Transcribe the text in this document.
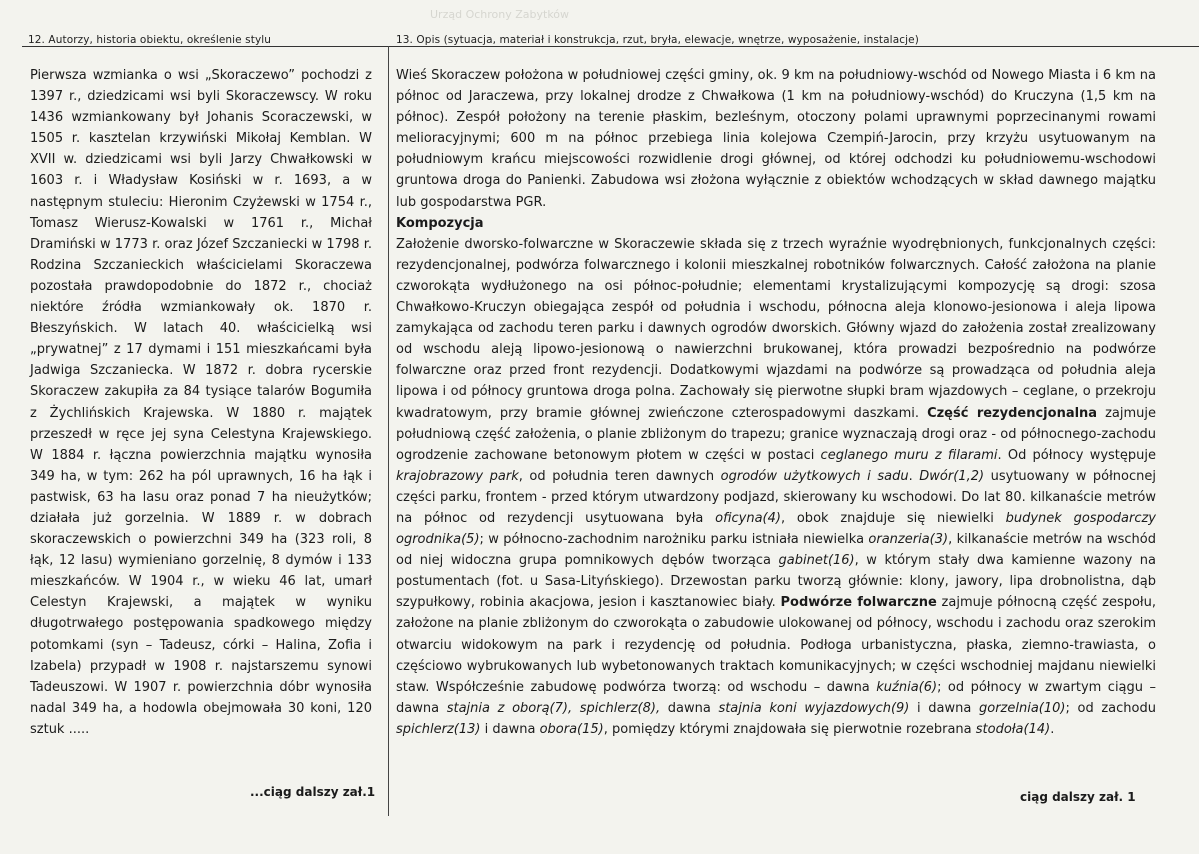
Urząd Ochrony Zabytków
12. Autorzy, historia obiektu, określenie stylu	13. Opis (sytuacja, materiał i konstrukcja, rzut, bryła, elewacje, wnętrze, wyposażenie, instalacje)

Pierwsza wzmianka o wsi „Skoraczewo” pochodzi z 1397 r., dziedzicami wsi byli Skoraczewscy. W roku 1436 wzmiankowany był Johanis Scoraczewski, w 1505 r. kasztelan krzywiński Mikołaj Kemblan. W XVII w. dziedzicami wsi byli Jarzy Chwałkowski w 1603 r. i Władysław Kosiński w r. 1693, a w następnym stuleciu: Hieronim Czyżewski w 1754 r., Tomasz Wierusz-Kowalski w 1761 r., Michał Dramiński w 1773 r. oraz Józef Szczaniecki w 1798 r. Rodzina Szczanieckich właścicielami Skoraczewa pozostała prawdopodobnie do 1872 r., chociaż niektóre źródła wzmiankowały ok. 1870 r. Błeszyńskich. W latach 40. właścicielką wsi „prywatnej” z 17 dymami i 151 mieszkańcami była Jadwiga Szczaniecka. W 1872 r. dobra rycerskie Skoraczew zakupiła za 84 tysiące talarów Bogumiła z Żychlińskich Krajewska. W 1880 r. majątek przeszedł w ręce jej syna Celestyna Krajewskiego. W 1884 r. łączna powierzchnia majątku wynosiła 349 ha, w tym: 262 ha pól uprawnych, 16 ha łąk i pastwisk, 63 ha lasu oraz ponad 7 ha nieużytków; działała już gorzelnia. W 1889 r. w dobrach skoraczewskich o powierzchni 349 ha (323 roli, 8 łąk, 12 lasu) wymieniano gorzelnię, 8 dymów i 133 mieszkańców. W 1904 r., w wieku 46 lat, umarł Celestyn Krajewski, a majątek w wyniku długotrwałego postępowania spadkowego między potomkami (syn – Tadeusz, córki – Halina, Zofia i Izabela) przypadł w 1908 r. najstarszemu synowi Tadeuszowi. W 1907 r. powierzchnia dóbr wynosiła nadal 349 ha, a hodowla obejmowała 30 koni, 120 sztuk .....

...ciąg dalszy zał.1

Wieś Skoraczew położona w południowej części gminy, ok. 9 km na południowy-wschód od Nowego Miasta i 6 km na północ od Jaraczewa, przy lokalnej drodze z Chwałkowa (1 km na południowy-wschód) do Kruczyna (1,5 km na północ). Zespół położony na terenie płaskim, bezleśnym, otoczony polami uprawnymi poprzecinanymi rowami melioracyjnymi; 600 m na północ przebiega linia kolejowa Czempiń-Jarocin, przy krzyżu usytuowanym na południowym krańcu miejscowości rozwidlenie drogi głównej, od której odchodzi ku południowemu-wschodowi gruntowa droga do Panienki. Zabudowa wsi złożona wyłącznie z obiektów wchodzących w skład dawnego majątku lub gospodarstwa PGR.

Kompozycja

Założenie dworsko-folwarczne w Skoraczewie składa się z trzech wyraźnie wyodrębnionych, funkcjonalnych części: rezydencjonalnej, podwórza folwarcznego i kolonii mieszkalnej robotników folwarcznych. Całość założona na planie czworokąta wydłużonego na osi północ-południe; elementami krystalizującymi kompozycję są drogi: szosa Chwałkowo-Kruczyn obiegająca zespół od południa i wschodu, północna aleja klonowo-jesionowa i aleja lipowa zamykająca od zachodu teren parku i dawnych ogrodów dworskich. Główny wjazd do założenia został zrealizowany od wschodu aleją lipowo-jesionową o nawierzchni brukowanej, która prowadzi bezpośrednio na podwórze folwarczne oraz przed front rezydencji. Dodatkowymi wjazdami na podwórze są prowadząca od południa aleja lipowa i od północy gruntowa droga polna. Zachowały się pierwotne słupki bram wjazdowych – ceglane, o przekroju kwadratowym, przy bramie głównej zwieńczone czterospadowymi daszkami. Część rezydencjonalna zajmuje południową część założenia, o planie zbliżonym do trapezu; granice wyznaczają drogi oraz - od północnego-zachodu ogrodzenie zachowane betonowym płotem w części w postaci ceglanego muru z filarami. Od północy występuje krajobrazowy park, od południa teren dawnych ogrodów użytkowych i sadu. Dwór(1,2) usytuowany w północnej części parku, frontem - przed którym utwardzony podjazd, skierowany ku wschodowi. Do lat 80. kilkanaście metrów na północ od rezydencji usytuowana była oficyna(4), obok znajduje się niewielki budynek gospodarczy ogrodnika(5); w północno-zachodnim narożniku parku istniała niewielka oranzeria(3), kilkanaście metrów na wschód od niej widoczna grupa pomnikowych dębów tworząca gabinet(16), w którym stały dwa kamienne wazony na postumentach (fot. u Sasa-Lityńskiego). Drzewostan parku tworzą głównie: klony, jawory, lipa drobnolistna, dąb szypułkowy, robinia akacjowa, jesion i kasztanowiec biały. Podwórze folwarczne zajmuje północną część zespołu, założone na planie zbliżonym do czworokąta o zabudowie ulokowanej od północy, wschodu i zachodu oraz szerokim otwarciu widokowym na park i rezydencję od południa. Podłoga urbanistyczna, płaska, ziemno-trawiasta, o częściowo wybrukowanych lub wybetonowanych traktach komunikacyjnych; w części wschodniej majdanu niewielki staw. Współcześnie zabudowę podwórza tworzą: od wschodu – dawna kuźnia(6); od północy w zwartym ciągu – dawna stajnia z oborą(7), spichlerz(8), dawna stajnia koni wyjazdowych(9) i dawna gorzelnia(10); od zachodu spichlerz(13) i dawna obora(15), pomiędzy którymi znajdowała się pierwotnie rozebrana stodoła(14).

ciąg dalszy zał. 1
